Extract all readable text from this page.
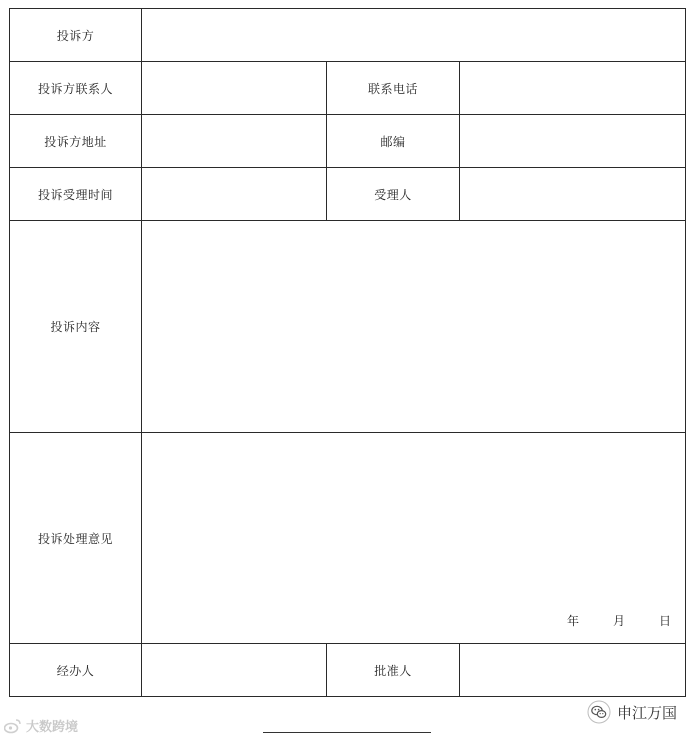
投诉方			
投诉方联系人		联系电话	
投诉方地址		邮编	
投诉受理时间		受理人	
投诉内容			
投诉处理意见	年 月 日		

经办人		批准人	
大数跨境
申江万国
